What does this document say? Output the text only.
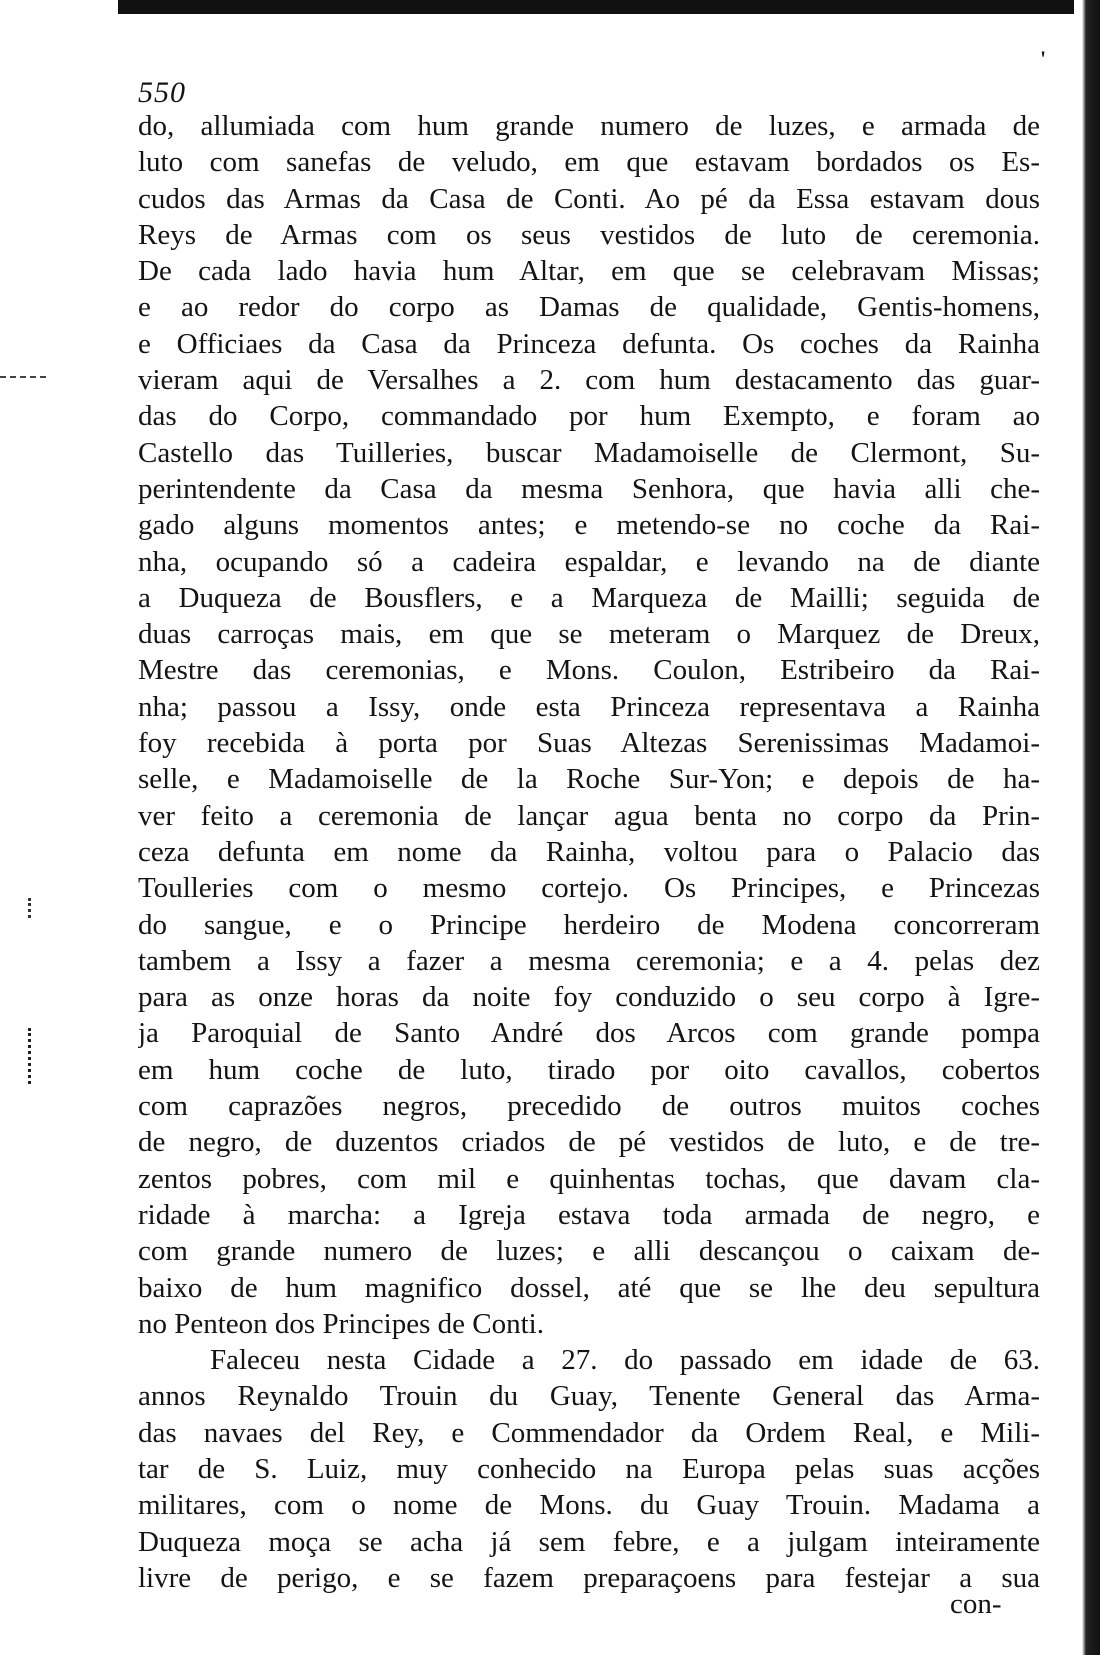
'
550
do, allumiada com hum grande numero de luzes, e armada de
luto com sanefas de veludo, em que estavam bordados os Es-
cudos das Armas da Casa de Conti. Ao pé da Essa estavam dous
Reys de Armas com os seus vestidos de luto de ceremonia.
De cada lado havia hum Altar, em que se celebravam Missas;
e ao redor do corpo as Damas de qualidade, Gentis-homens,
e Officiaes da Casa da Princeza defunta. Os coches da Rainha
vieram aqui de Versalhes a 2. com hum destacamento das guar-
das do Corpo, commandado por hum Exempto, e foram ao
Castello das Tuilleries, buscar Madamoiselle de Clermont, Su-
perintendente da Casa da mesma Senhora, que havia alli che-
gado alguns momentos antes; e metendo-se no coche da Rai-
nha, ocupando só a cadeira espaldar, e levando na de diante
a Duqueza de Bousflers, e a Marqueza de Mailli; seguida de
duas carroças mais, em que se meteram o Marquez de Dreux,
Mestre das ceremonias, e Mons. Coulon, Estribeiro da Rai-
nha; passou a Issy, onde esta Princeza representava a Rainha
foy recebida à porta por Suas Altezas Serenissimas Madamoi-
selle, e Madamoiselle de la Roche Sur-Yon; e depois de ha-
ver feito a ceremonia de lançar agua benta no corpo da Prin-
ceza defunta em nome da Rainha, voltou para o Palacio das
Toulleries com o mesmo cortejo. Os Principes, e Princezas
do sangue, e o Principe herdeiro de Modena concorreram
tambem a Issy a fazer a mesma ceremonia; e a 4. pelas dez
para as onze horas da noite foy conduzido o seu corpo à Igre-
ja Paroquial de Santo André dos Arcos com grande pompa
em hum coche de luto, tirado por oito cavallos, cobertos
com caprazões negros, precedido de outros muitos coches
de negro, de duzentos criados de pé vestidos de luto, e de tre-
zentos pobres, com mil e quinhentas tochas, que davam cla-
ridade à marcha: a Igreja estava toda armada de negro, e
com grande numero de luzes; e alli descançou o caixam de-
baixo de hum magnifico dossel, até que se lhe deu sepultura
no Penteon dos Principes de Conti.
Faleceu nesta Cidade a 27. do passado em idade de 63.
annos Reynaldo Trouin du Guay, Tenente General das Arma-
das navaes del Rey, e Commendador da Ordem Real, e Mili-
tar de S. Luiz, muy conhecido na Europa pelas suas acções
militares, com o nome de Mons. du Guay Trouin. Madama a
Duqueza moça se acha já sem febre, e a julgam inteiramente
livre de perigo, e se fazem preparaçoens para festejar a sua
con-
